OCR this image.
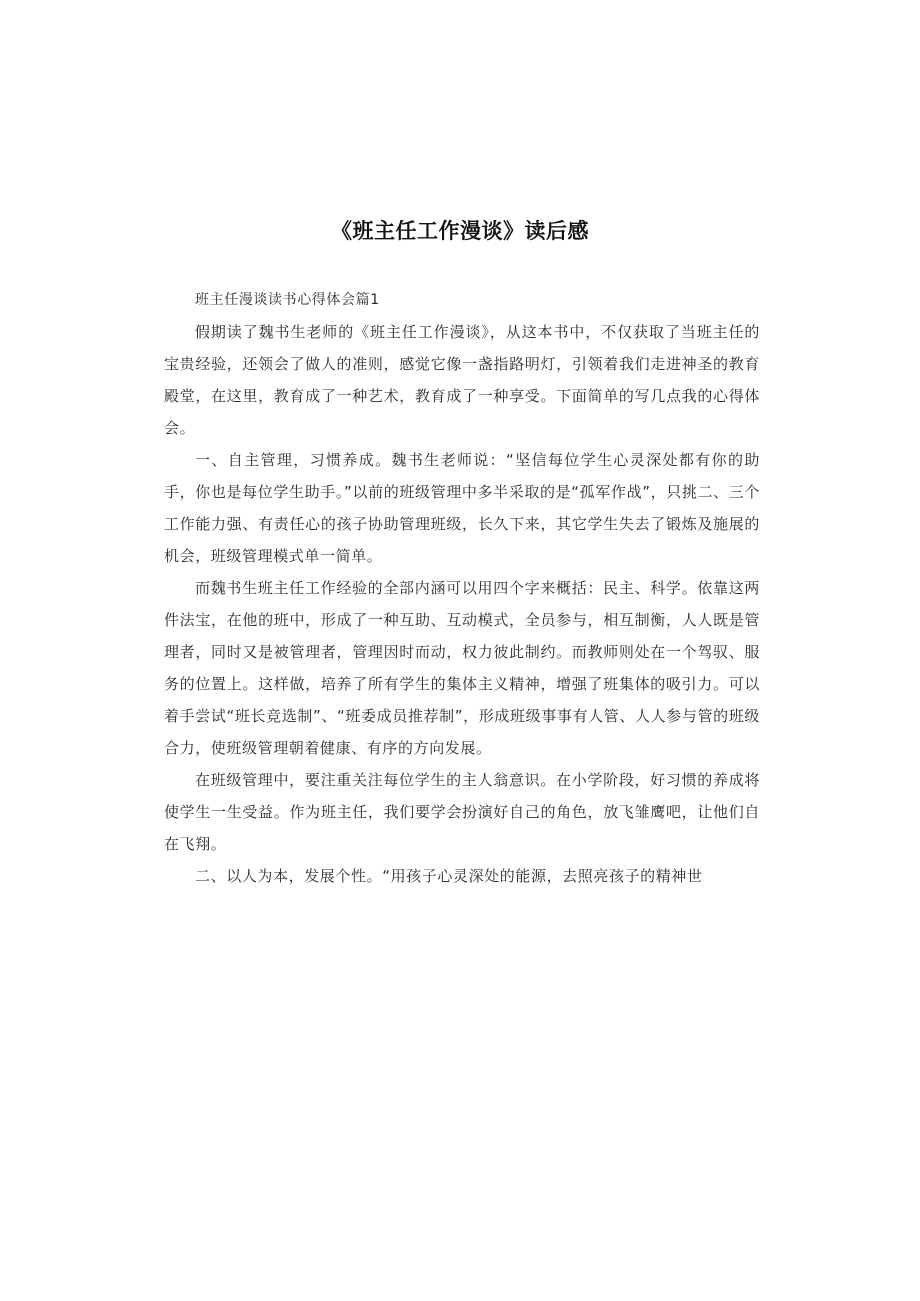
《班主任工作漫谈》读后感

班主任漫谈读书心得体会篇1

假期读了魏书生老师的《班主任工作漫谈》，从这本书中，不仅获取了当班主任的宝贵经验，还领会了做人的准则，感觉它像一盏指路明灯，引领着我们走进神圣的教育殿堂，在这里，教育成了一种艺术，教育成了一种享受。下面简单的写几点我的心得体会。

一、自主管理，习惯养成。魏书生老师说：“坚信每位学生心灵深处都有你的助手，你也是每位学生助手。”以前的班级管理中多半采取的是“孤军作战”，只挑二、三个工作能力强、有责任心的孩子协助管理班级，长久下来，其它学生失去了锻炼及施展的机会，班级管理模式单一简单。

而魏书生班主任工作经验的全部内涵可以用四个字来概括：民主、科学。依靠这两件法宝，在他的班中，形成了一种互助、互动模式，全员参与，相互制衡，人人既是管理者，同时又是被管理者，管理因时而动，权力彼此制约。而教师则处在一个驾驭、服务的位置上。这样做，培养了所有学生的集体主义精神，增强了班集体的吸引力。可以着手尝试“班长竞选制”、“班委成员推荐制”，形成班级事事有人管、人人参与管的班级合力，使班级管理朝着健康、有序的方向发展。

在班级管理中，要注重关注每位学生的主人翁意识。在小学阶段，好习惯的养成将使学生一生受益。作为班主任，我们要学会扮演好自己的角色，放飞雏鹰吧，让他们自在飞翔。

二、以人为本，发展个性。“用孩子心灵深处的能源，去照亮孩子的精神世
